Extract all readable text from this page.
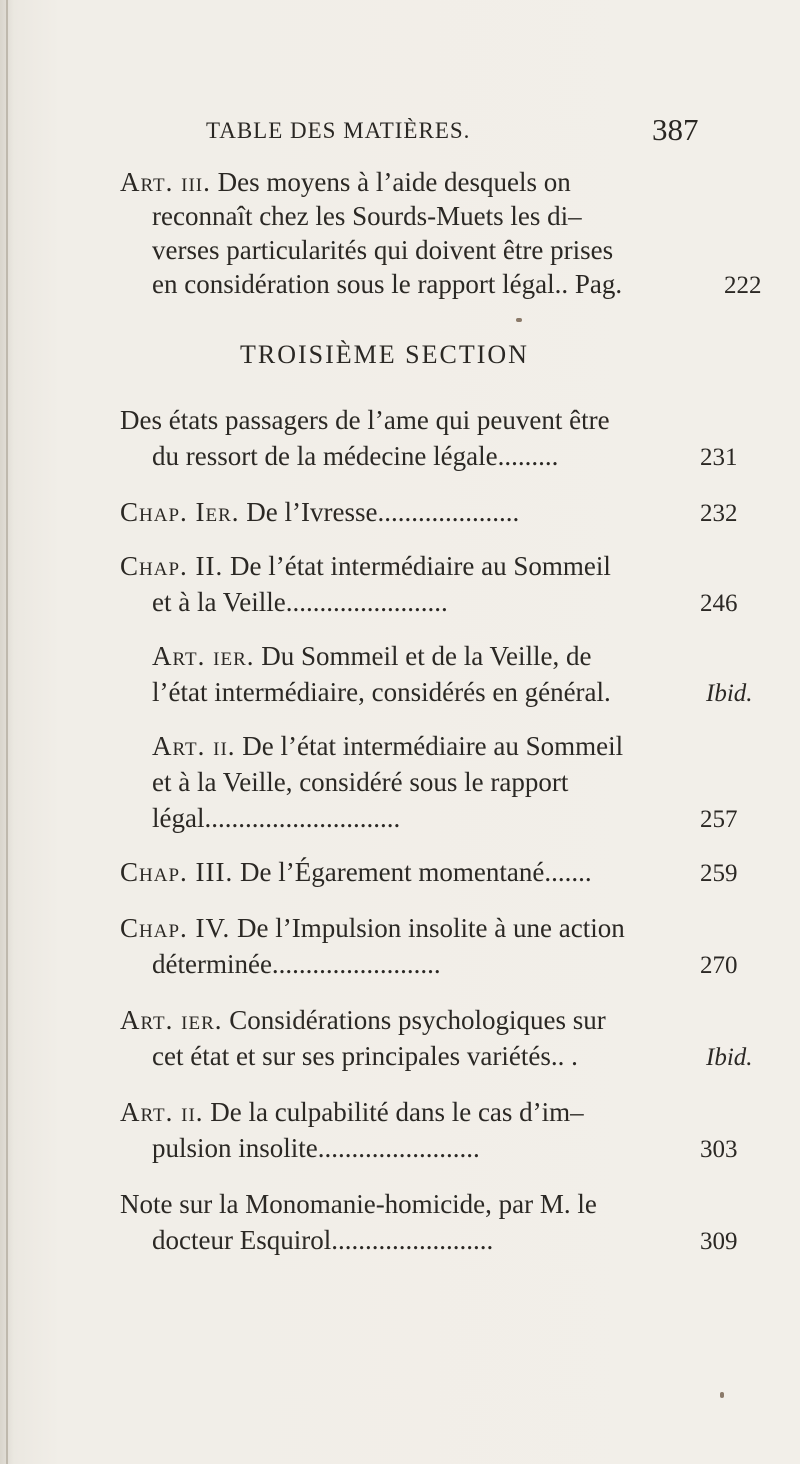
TABLE DES MATIÈRES.	387
Art. iii. Des moyens à l’aide desquels on
reconnaît chez les Sourds-Muets les di–
verses particularités qui doivent être prises
en considération sous le rapport légal.. Pag.	222
TROISIÈME SECTION
Des états passagers de l’ame qui peuvent être
du ressort de la médecine légale.........	231
Chap. Ier. De l’Ivresse.....................	232
Chap. II. De l’état intermédiaire au Sommeil
et à la Veille........................	246
Art. ier. Du Sommeil et de la Veille, de
l’état intermédiaire, considérés en général.	Ibid.
Art. ii. De l’état intermédiaire au Sommeil
et à la Veille, considéré sous le rapport
légal.............................	257
Chap. III. De l’Égarement momentané.......	259
Chap. IV. De l’Impulsion insolite à une action
déterminée.........................	270
Art. ier. Considérations psychologiques sur
cet état et sur ses principales variétés.. .	Ibid.
Art. ii. De la culpabilité dans le cas d’im–
pulsion insolite........................	303
Note sur la Monomanie-homicide, par M. le
docteur Esquirol........................	309
